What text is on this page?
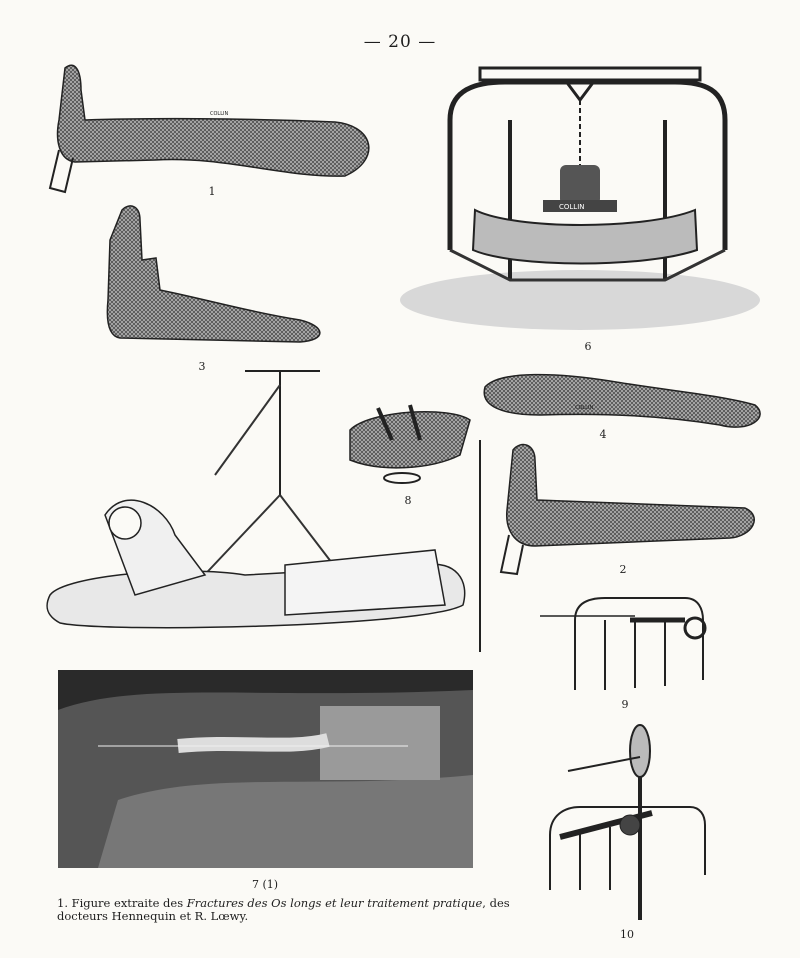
— 20 —
COLLIN
1
3
COLLIN
6
COLLIN
4
8
2
9
7 (1)
10
1. Figure extraite des Fractures des Os longs et leur traitement pratique, des docteurs Hennequin et R. Lœwy.
